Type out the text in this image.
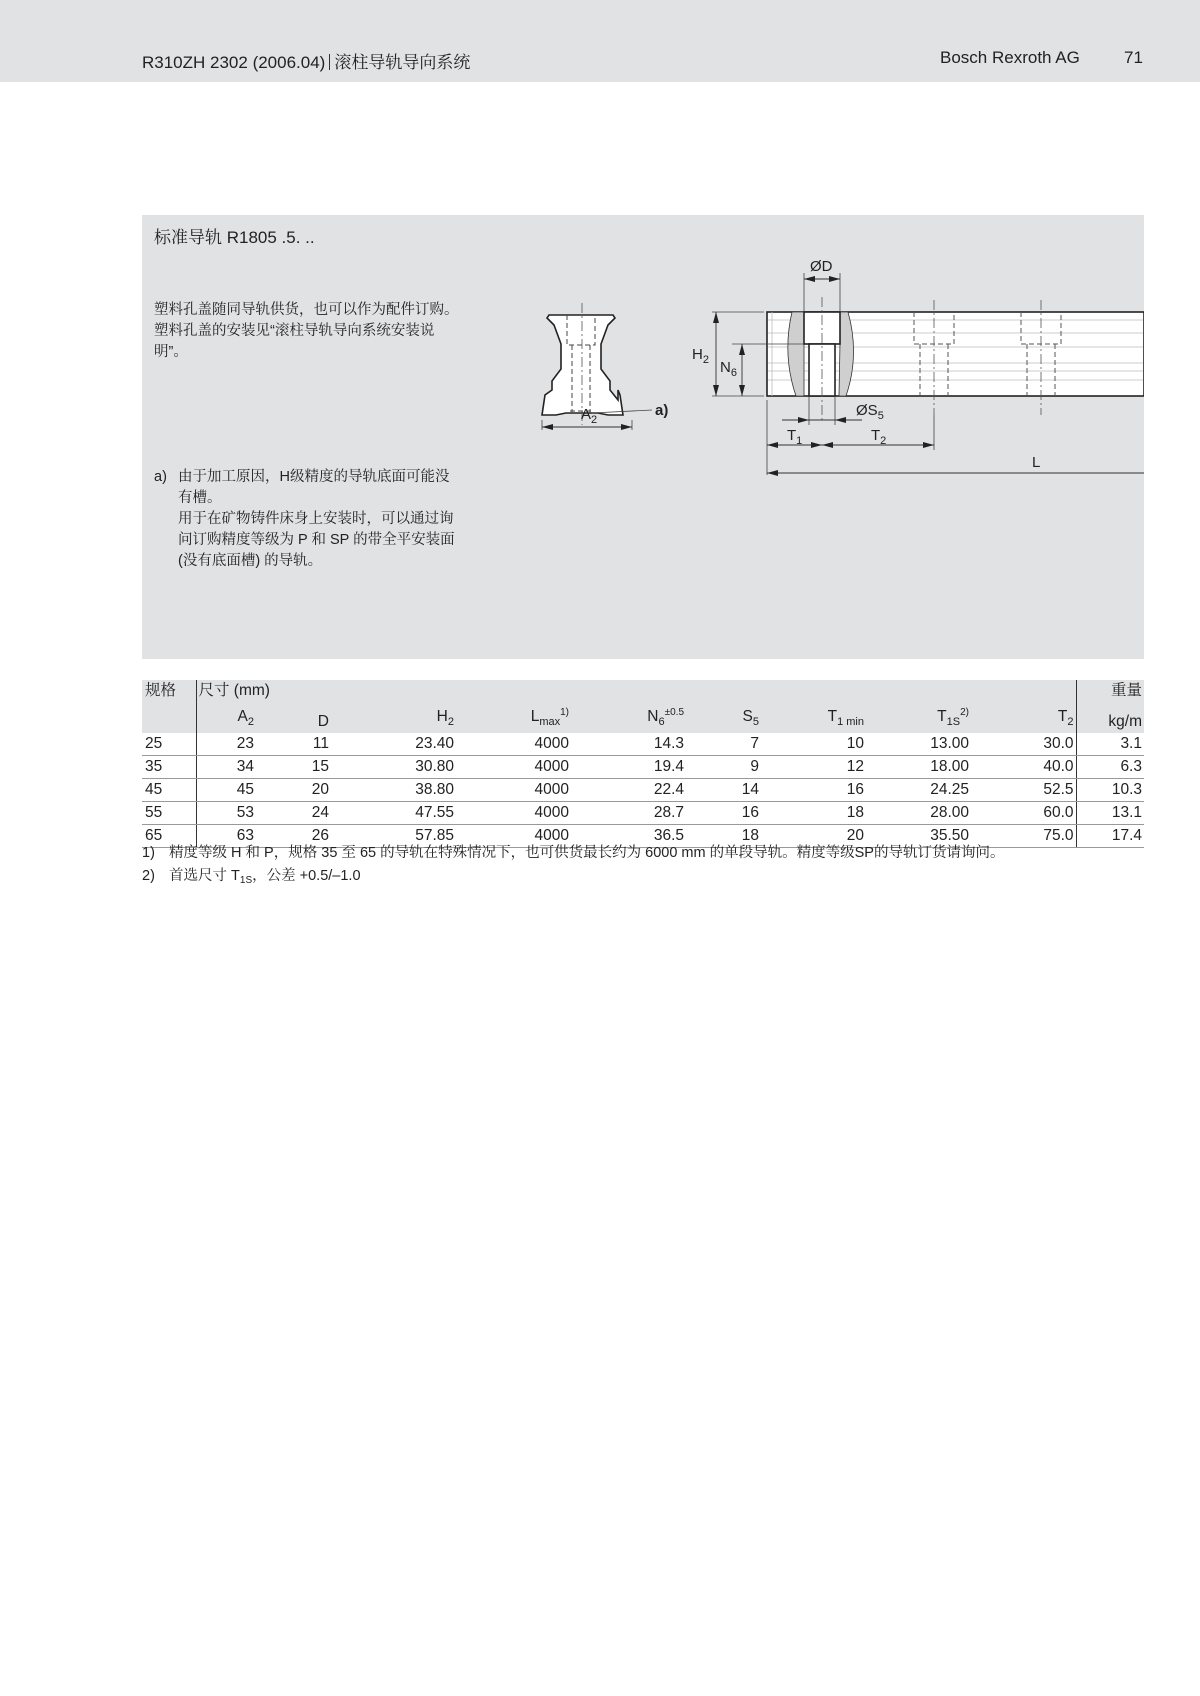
R310ZH 2302 (2006.04) 滚柱导轨导向系统	Bosch Rexroth AG	71
标准导轨 R1805 .5. ..
塑料孔盖随同导轨供货，也可以作为配件订购。
塑料孔盖的安装见“滚柱导轨导向系统安装说
明”。
a) 由于加工原因，H级精度的导轨底面可能没
有槽。
用于在矿物铸件床身上安装时，可以通过询
问订购精度等级为 P 和 SP 的带全平安装面
(没有底面槽) 的导轨。
$A_2$
a)
ØD
$H_2$ $N_6$
$ØS_5$
$T_1$	$T_2$
L
规格	尺寸 (mm)									重量
	$A_2$	D	$H_2$	$L_{max}^{1)}$	$N_6^{\pm 0.5}$	$S_5$	$T_{1 min}$	$T_{1S}^{2)}$	$T_2$	kg/m
25	23	11	23.40	4000	14.3	7	10	13.00	30.0	3.1
35	34	15	30.80	4000	19.4	9	12	18.00	40.0	6.3
45	45	20	38.80	4000	22.4	14	16	24.25	52.5	10.3
55	53	24	47.55	4000	28.7	16	18	28.00	60.0	13.1
65	63	26	57.85	4000	36.5	18	20	35.50	75.0	17.4
1) 精度等级 H 和 P，规格 35 至 65 的导轨在特殊情况下，也可供货最长约为 6000 mm 的单段导轨。精度等级SP的导轨订货请询问。
2) 首选尺寸 $T_{1S}$，公差 +0.5/–1.0
